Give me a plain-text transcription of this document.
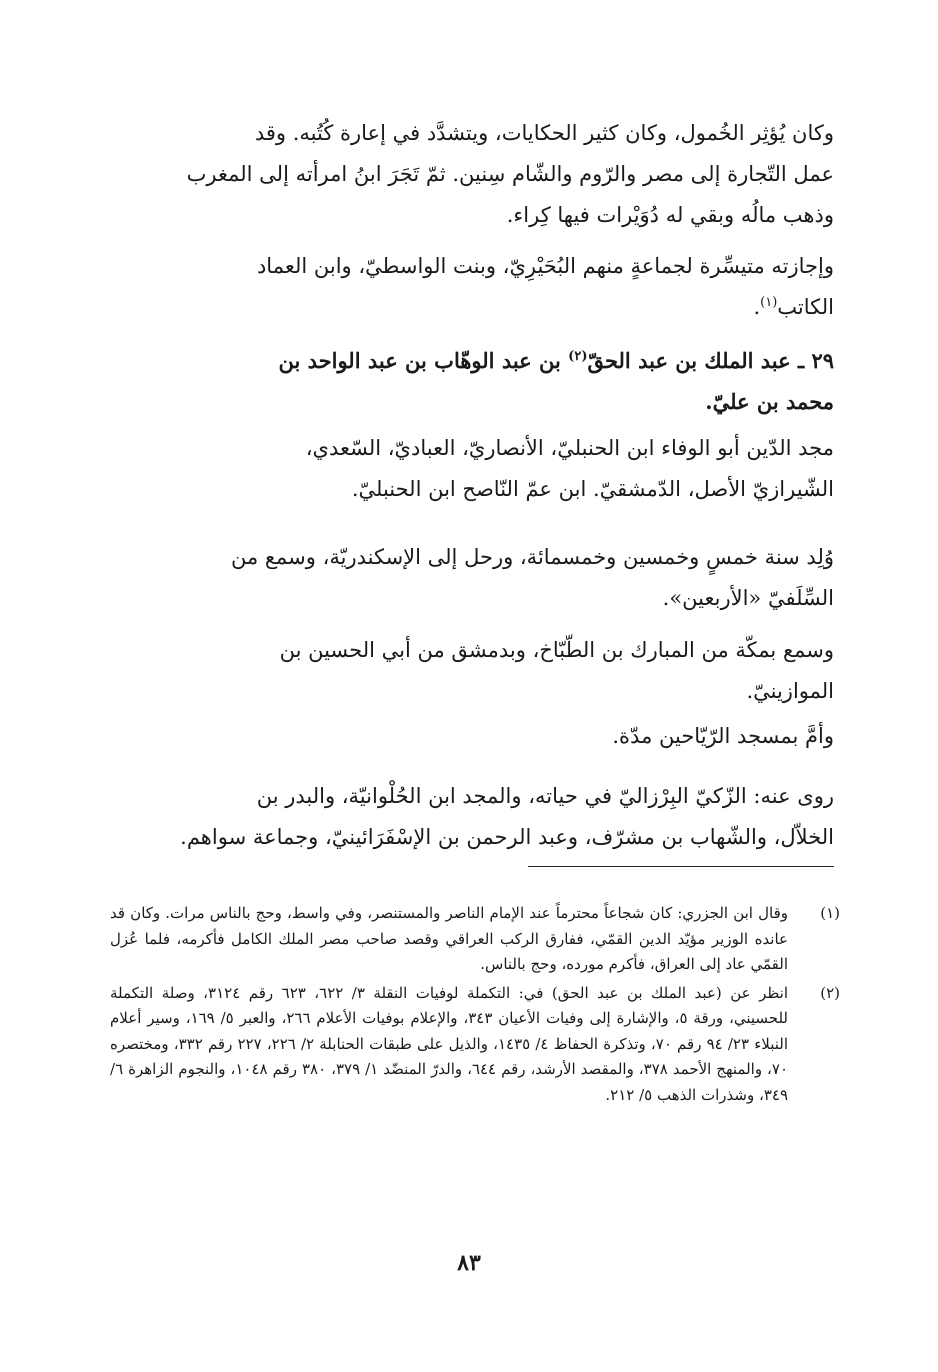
وكان يُؤثِر الخُمول، وكان كثير الحكايات، ويتشدَّد في إعارة كُتُبه. وقد

عمل التّجارة إلى مصر والرّوم والشّام سِنين. ثمّ تَجَرَ ابنُ امرأته إلى المغرب

وذهب مالُه وبقي له دُوَيْرات فيها كِراء.

وإجازته متيسِّرة لجماعةٍ منهم البُحَيْرِيّ، وبنت الواسطيّ، وابن العماد

الكاتب$^{(١)}$.

٢٩ ـ عبد الملك بن عبد الحقّ$^{(٢)}$ بن عبد الوهّاب بن عبد الواحد بن

محمد بن عليّ.

مجد الدّين أبو الوفاء ابن الحنبليّ، الأنصاريّ، العباديّ، السّعدي،

الشّيرازيّ الأصل، الدّمشقيّ. ابن عمّ النّاصح ابن الحنبليّ.

وُلِد سنة خمسٍ وخمسين وخمسمائة، ورحل إلى الإسكندريّة، وسمع من

السِّلَفيّ «الأربعين».

وسمع بمكّة من المبارك بن الطّبّاخ، وبدمشق من أبي الحسين بن

الموازينيّ.

وأمَّ بمسجد الرّيّاحين مدّة.

روى عنه: الزّكيّ البِرْزاليّ في حياته، والمجد ابن الحُلْوانيّة، والبدر بن

الخلاّل، والشّهاب بن مشرّف، وعبد الرحمن بن الإسْفَرَائينيّ، وجماعة سواهم.

(١)
وقال ابن الجزري: كان شجاعاً محترماً عند الإمام الناصر والمستنصر، وفي واسط، وحج بالناس مرات. وكان قد عانده الوزير مؤيّد الدين القمّي، ففارق الركب العراقي وقصد صاحب مصر الملك الكامل فأكرمه، فلما عُزل القمّي عاد إلى العراق، فأكرم مورده، وحج بالناس.
(٢)
انظر عن (عبد الملك بن عبد الحق) في: التكملة لوفيات النقلة ٣/ ٦٢٢، ٦٢٣ رقم ٣١٢٤، وصلة التكملة للحسيني، ورقة ٥، والإشارة إلى وفيات الأعيان ٣٤٣، والإعلام بوفيات الأعلام ٢٦٦، والعبر ٥/ ١٦٩، وسير أعلام النبلاء ٢٣/ ٩٤ رقم ٧٠، وتذكرة الحفاظ ٤/ ١٤٣٥، والذيل على طبقات الحنابلة ٢/ ٢٢٦، ٢٢٧ رقم ٣٣٢، ومختصره ٧٠، والمنهج الأحمد ٣٧٨، والمقصد الأرشد، رقم ٦٤٤، والدرّ المنضّد ١/ ٣٧٩، ٣٨٠ رقم ١٠٤٨، والنجوم الزاهرة ٦/ ٣٤٩، وشذرات الذهب ٥/ ٢١٢.
٨٣
